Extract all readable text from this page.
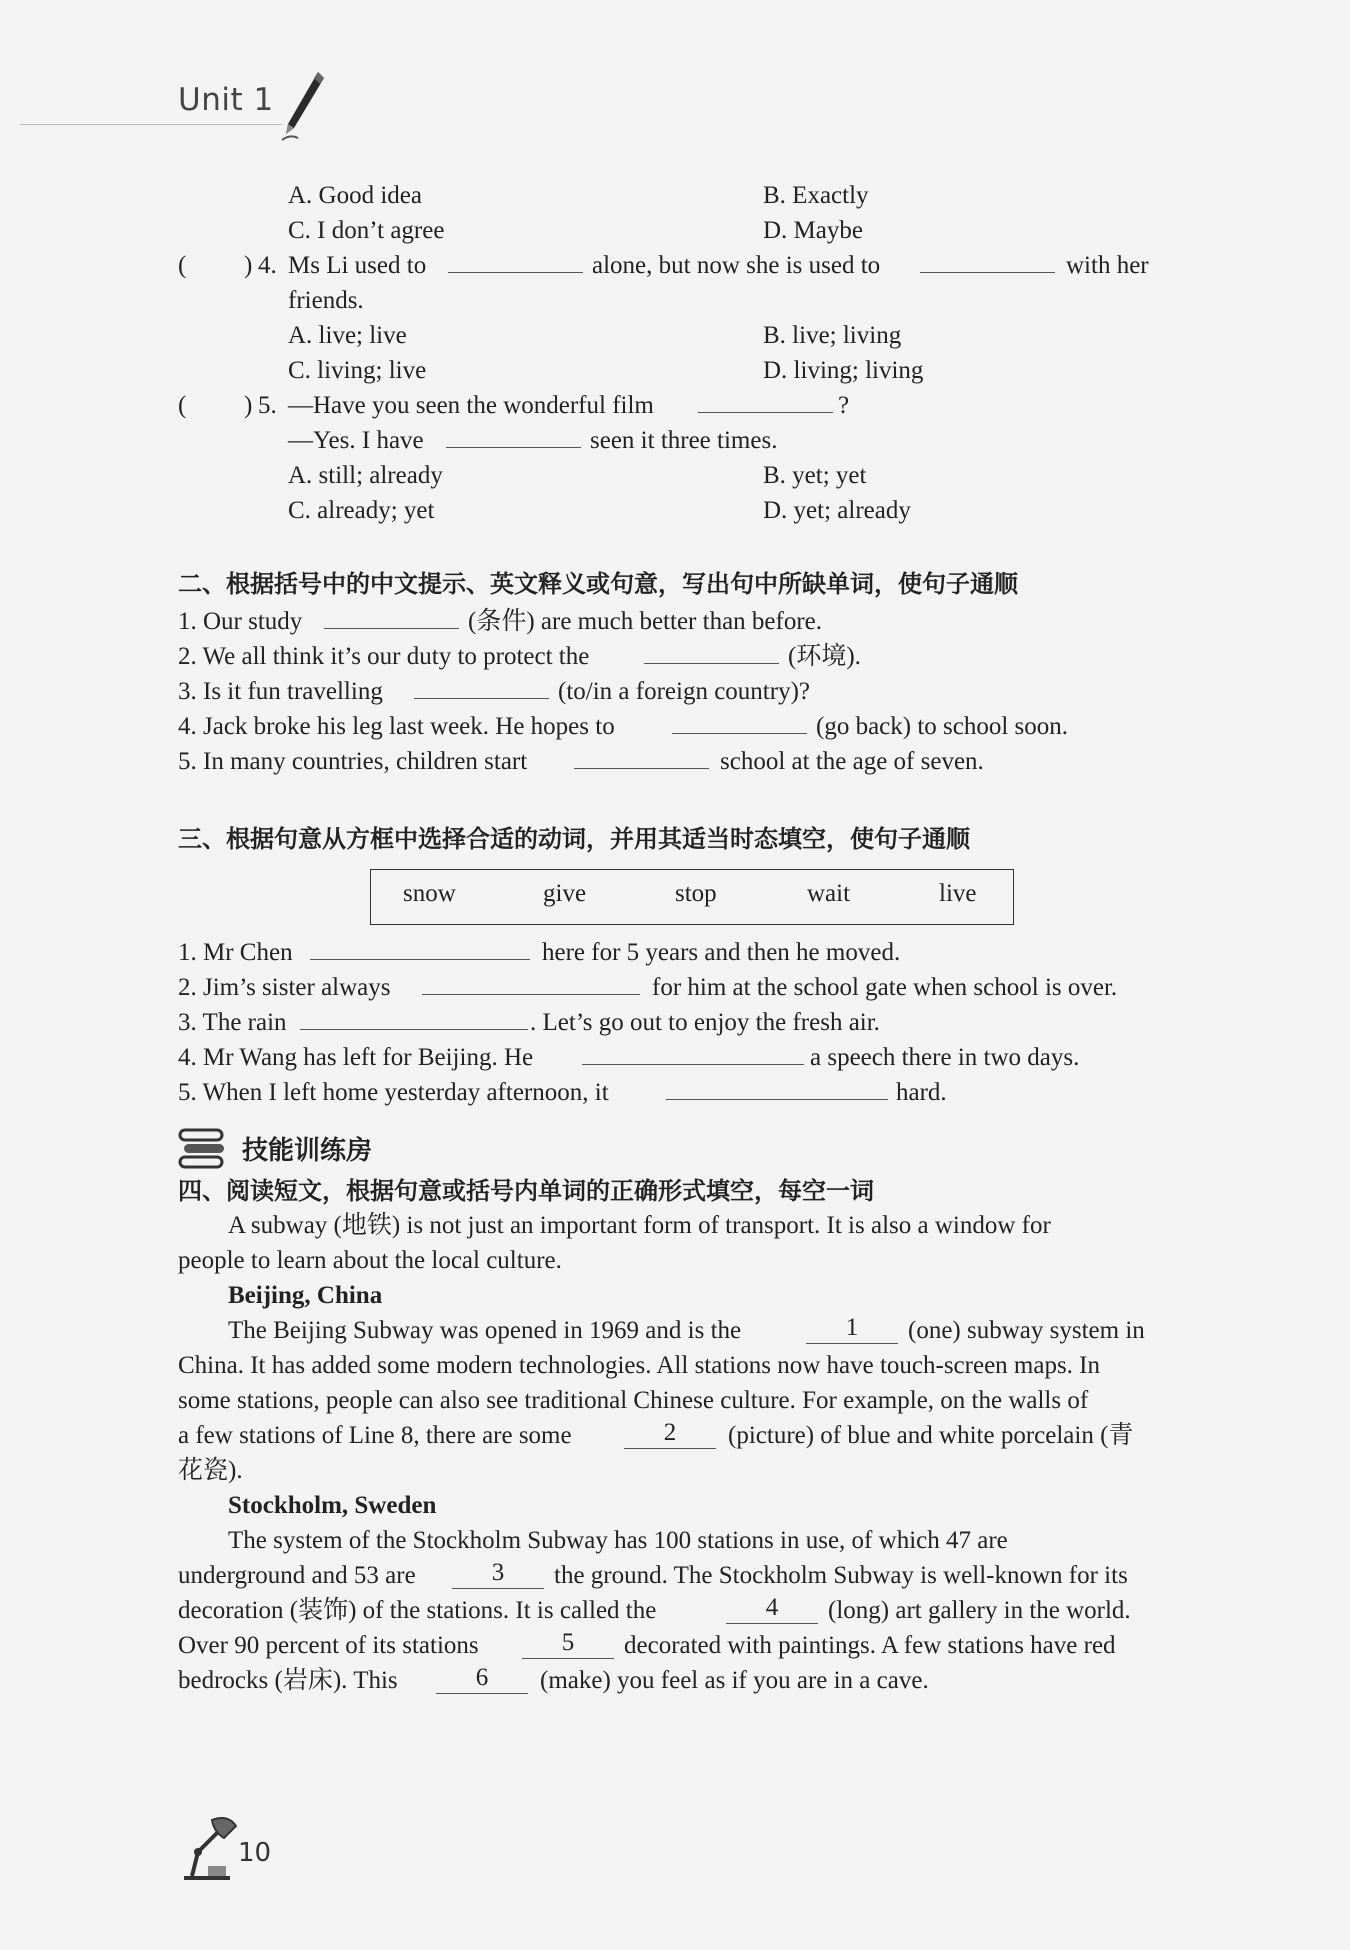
Unit 1
A. Good idea	B. Exactly
C. I don’t agree	D. Maybe
( ) 4. Ms Li used to	alone, but now she is used to	with her
friends.
A. live; live	B. live; living
C. living; live	D. living; living
( ) 5. —Have you seen the wonderful film	?
—Yes. I have	seen it three times.
A. still; already	B. yet; yet
C. already; yet	D. yet; already
二、根据括号中的中文提示、英文释义或句意，写出句中所缺单词，使句子通顺
1. Our study	(条件) are much better than before.
2. We all think it’s our duty to protect the	(环境).
3. Is it fun travelling	(to/in a foreign country)?
4. Jack broke his leg last week. He hopes to	(go back) to school soon.
5. In many countries, children start	school at the age of seven.
三、根据句意从方框中选择合适的动词，并用其适当时态填空，使句子通顺
snow	give	stop	wait	live
1. Mr Chen	here for 5 years and then he moved.
2. Jim’s sister always	for him at the school gate when school is over.
3. The rain	. Let’s go out to enjoy the fresh air.
4. Mr Wang has left for Beijing. He	a speech there in two days.
5. When I left home yesterday afternoon, it	hard.
技能训练房
四、阅读短文，根据句意或括号内单词的正确形式填空，每空一词
A subway (地铁) is not just an important form of transport. It is also a window for
people to learn about the local culture.
Beijing, China
The Beijing Subway was opened in 1969 and is the	1	(one) subway system in
China. It has added some modern technologies. All stations now have touch-screen maps. In
some stations, people can also see traditional Chinese culture. For example, on the walls of
a few stations of Line 8, there are some	2	(picture) of blue and white porcelain (青
花瓷).
Stockholm, Sweden
The system of the Stockholm Subway has 100 stations in use, of which 47 are
underground and 53 are	3	the ground. The Stockholm Subway is well-known for its
decoration (装饰) of the stations. It is called the	4	(long) art gallery in the world.
Over 90 percent of its stations	5	decorated with paintings. A few stations have red
bedrocks (岩床). This	6	(make) you feel as if you are in a cave.
10
